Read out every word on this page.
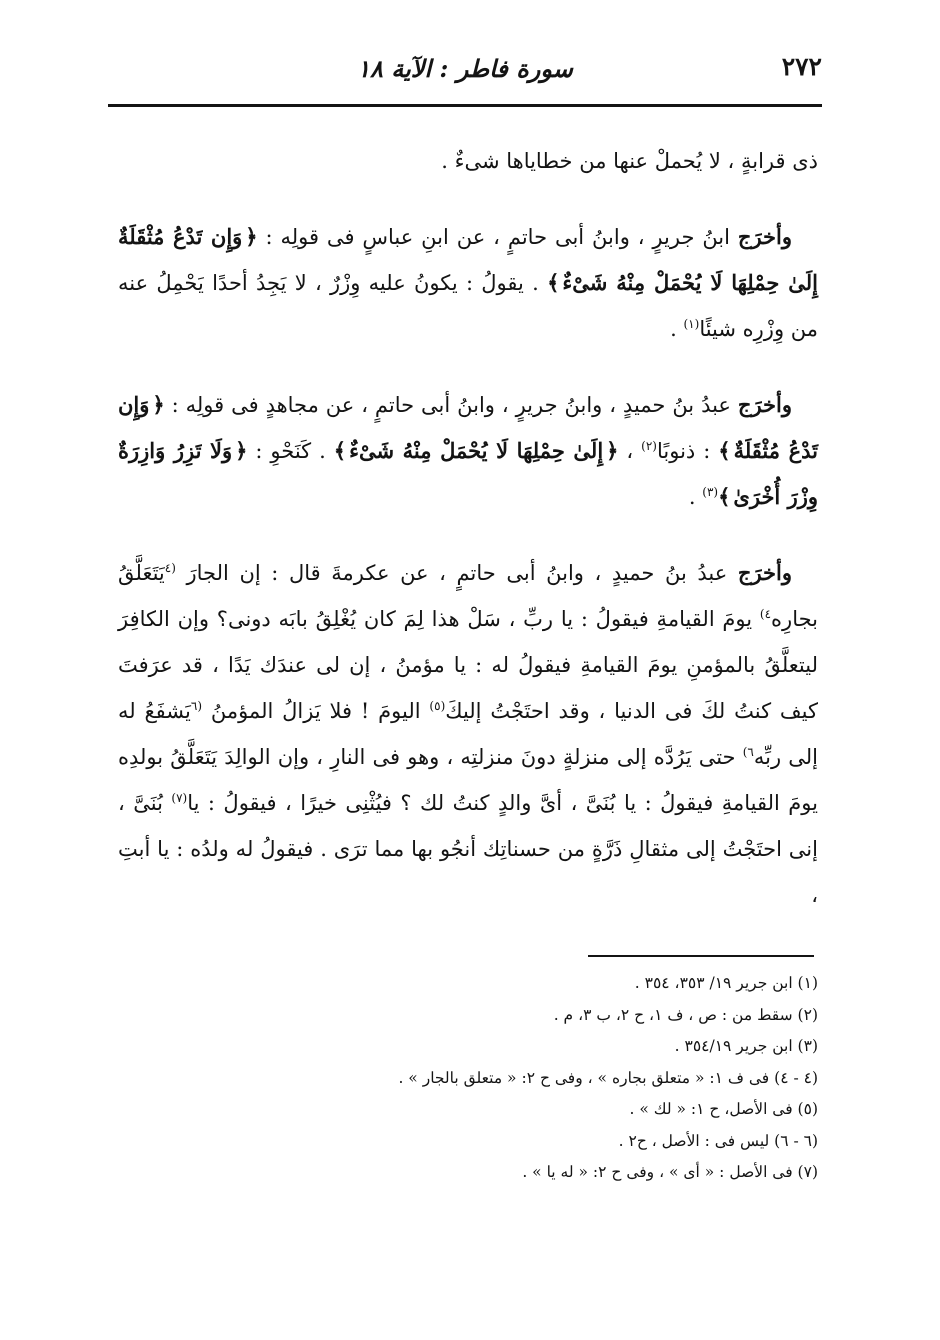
٢٧٢
سورة فاطر : الآية ١٨

ذى قرابةٍ ، لا يُحملْ عنها من خطاياها شىءٌ .

وأخرَج ابنُ جريرٍ ، وابنُ أبى حاتمٍ ، عن ابنِ عباسٍ فى قولِه : ﴿ وَإِن تَدْعُ مُثْقَلَةٌ إِلَىٰ حِمْلِهَا لَا يُحْمَلْ مِنْهُ شَىْءٌ ﴾ . يقولُ : يكونُ عليه وِزْرٌ ، لا يَجِدُ أحدًا يَحْمِلُ عنه من وِزْرِه شيئًا$^{(١)}$ .

وأخرَج عبدُ بنُ حميدٍ ، وابنُ جريرٍ ، وابنُ أبى حاتمٍ ، عن مجاهدٍ فى قولِه : ﴿ وَإِن تَدْعُ مُثْقَلَةٌ ﴾ : ذنوبًا$^{(٢)}$ ، ﴿ إِلَىٰ حِمْلِهَا لَا يُحْمَلْ مِنْهُ شَىْءٌ ﴾ . كَنَحْوِ : ﴿ وَلَا تَزِرُ وَازِرَةٌ وِزْرَ أُخْرَىٰ ﴾$^{(٣)}$ .

وأخرَج عبدُ بنُ حميدٍ ، وابنُ أبى حاتمٍ ، عن عكرمةَ قال : إن الجارَ $^{(٤}$يَتَعَلَّقُ بجارِه$^{٤)}$ يومَ القيامةِ فيقولُ : يا ربِّ ، سَلْ هذا لِمَ كان يُغْلِقُ بابَه دونى؟ وإن الكافِرَ ليتعلَّقُ بالمؤمنِ يومَ القيامةِ فيقولُ له : يا مؤمنُ ، إن لى عندَك يَدًا ، قد عرَفتَ كيف كنتُ لكَ فى الدنيا ، وقد احتَجْتُ إليكَ$^{(٥)}$ اليومَ ! فلا يَزالُ المؤمنُ $^{(٦}$يَشفَعُ له إلى ربِّه$^{٦)}$ حتى يَرُدَّه إلى منزلةٍ دونَ منزلتِه ، وهو فى النارِ ، وإن الوالِدَ يَتَعَلَّقُ بولدِه يومَ القيامةِ فيقولُ : يا بُنَىَّ ، أىَّ والدٍ كنتُ لك ؟ فيُثْنِى خيرًا ، فيقولُ : يا$^{(٧)}$ بُنَىَّ ، إنى احتَجْتُ إلى مثقالِ ذَرَّةٍ من حسناتِك أنجُو بها مما ترَى . فيقولُ له ولدُه : يا أبتِ ،

(١) ابن جرير ١٩/ ٣٥٣، ٣٥٤ .
(٢) سقط من : ص ، ف ١، ح ٢، ب ٣، م .
(٣) ابن جرير ٣٥٤/١٩ .
(٤ - ٤) فى ف ١: « متعلق بجاره » ، وفى ح ٢: « متعلق بالجار » .
(٥) فى الأصل، ح ١: « لك » .
(٦ - ٦) ليس فى : الأصل ، ح٢ .
(٧) فى الأصل : « أى » ، وفى ح ٢: « له يا » .
